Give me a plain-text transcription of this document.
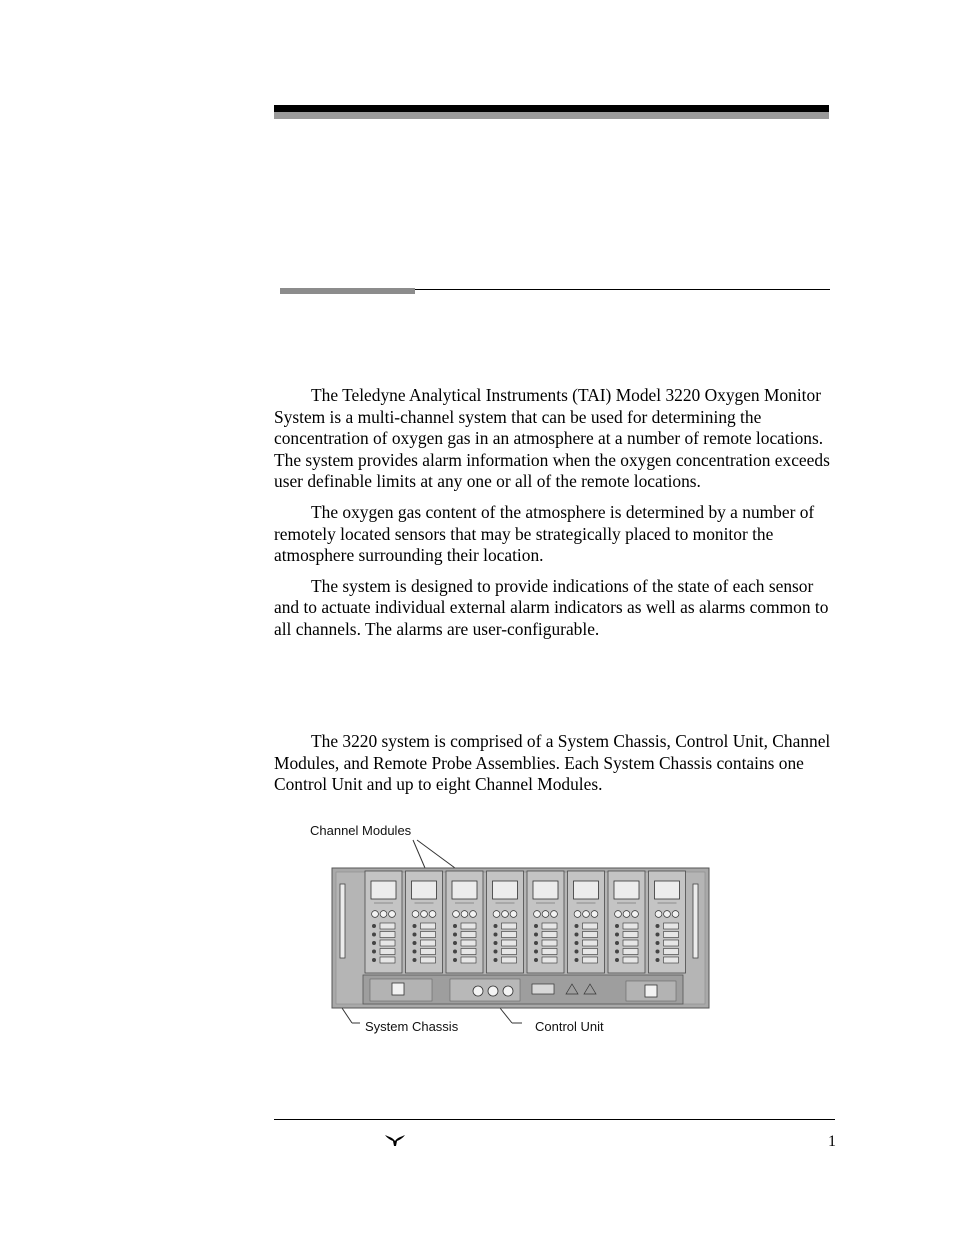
The Teledyne Analytical Instruments (TAI) Model 3220 Oxygen Monitor System is a multi-channel system that can be used for determining the concentration of oxygen gas in an atmosphere at a number of remote locations. The system provides alarm information when the oxygen concentration exceeds user definable limits at any one or all of the remote locations.

The oxygen gas content of the atmosphere is determined by a number of remotely located sensors that may be strategically placed to monitor the atmosphere surrounding their location.

The system is designed to provide indications of the state of each sensor and to actuate individual external alarm indicators as well as alarms common to all channels. The alarms are user-configurable.

The 3220 system is comprised of a System Chassis, Control Unit, Channel Modules, and Remote Probe Assemblies. Each System Chassis contains one Control Unit and up to eight Channel Modules.

Channel Modules
System Chassis	Control Unit
1
